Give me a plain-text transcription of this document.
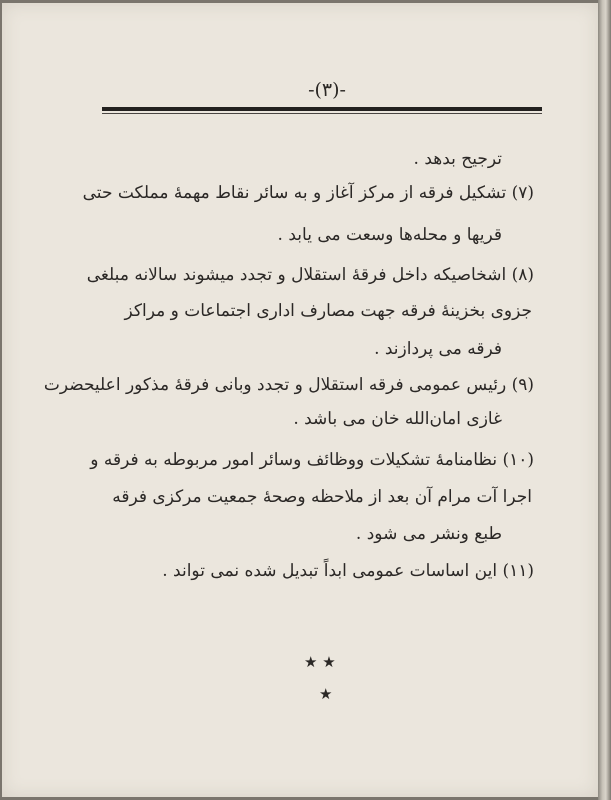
-(۳)-
ترجیح بدهد .
(۷) تشکیل فرقه از مرکز آغاز و به سائر نقاط مهمهٔ مملکت حتی
قریها و محله‌ها وسعت می یابد .
(۸) اشخاصیکه داخل فرقهٔ استقلال و تجدد میشوند سالانه مبلغی
جزوی بخزینهٔ فرقه جهت مصارف اداری اجتماعات و مراکز
فرقه می پردازند .
(۹) رئیس عمومی فرقه استقلال و تجدد وبانی فرقهٔ مذکور اعلیحضرت
غازی امان‌الله خان می باشد .
(۱۰) نظامنامهٔ تشکیلات ووظائف وسائر امور مربوطه به فرقه و
اجرا آت مرام آن بعد از ملاحظه وصحهٔ جمعیت مرکزی فرقه
طبع ونشر می شود .
(۱۱) این اساسات عمومی ابداً تبدیل شده نمی تواند .
★ ★
★
